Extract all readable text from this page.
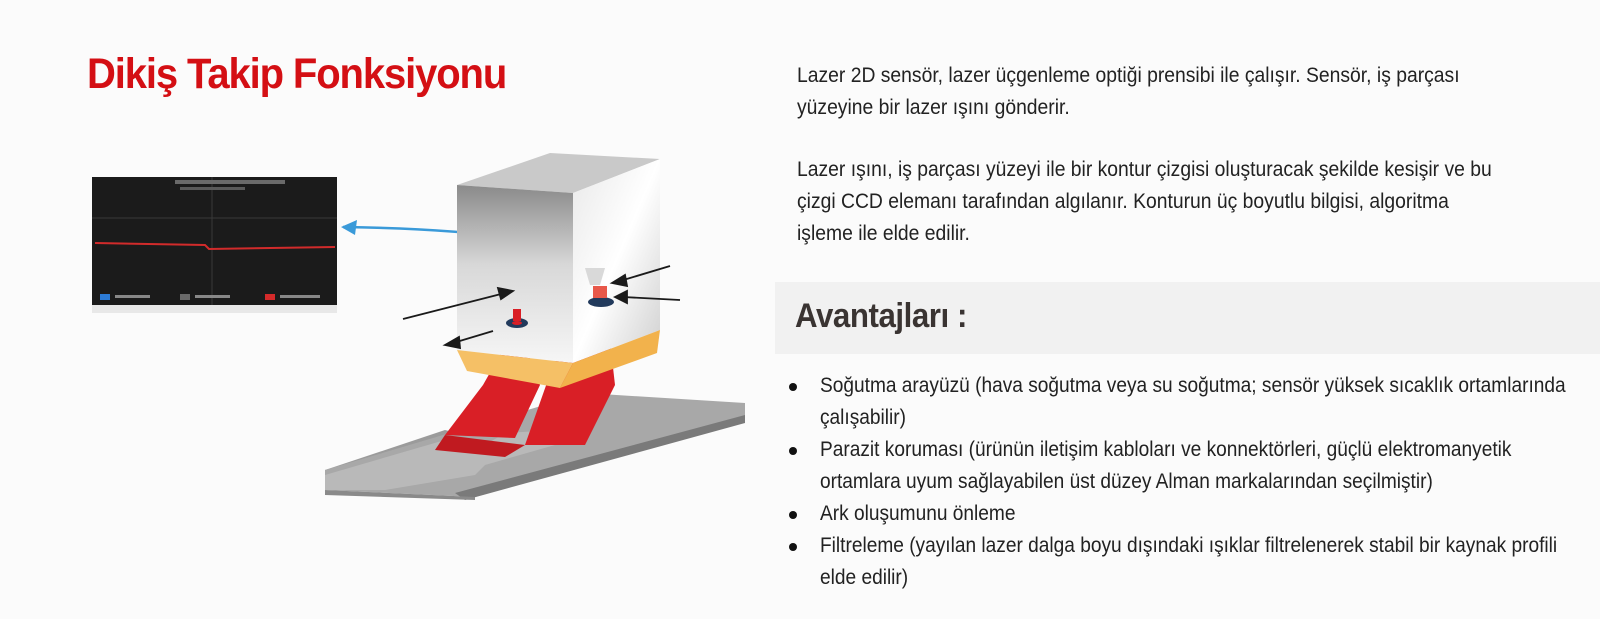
Dikiş Takip Fonksiyonu	Lazer 2D sensör, lazer üçgenleme optiği prensibi ile çalışır. Sensör, iş parçası yüzeyine bir lazer ışını gönderir.

Lazer ışını, iş parçası yüzeyi ile bir kontur çizgisi oluşturacak şekilde kesişir ve bu çizgi CCD elemanı tarafından algılanır. Konturun üç boyutlu bilgisi, algoritma işleme ile elde edilir.

Avantajları :
Soğutma arayüzü (hava soğutma veya su soğutma; sensör yüksek sıcaklık ortamlarında çalışabilir)
Parazit koruması (ürünün iletişim kabloları ve konnektörleri, güçlü elektromanyetik ortamlara uyum sağlayabilen üst düzey Alman markalarından seçilmiştir)
Ark oluşumunu önleme
Filtreleme (yayılan lazer dalga boyu dışındaki ışıklar filtrelenerek stabil bir kaynak profili elde edilir)
